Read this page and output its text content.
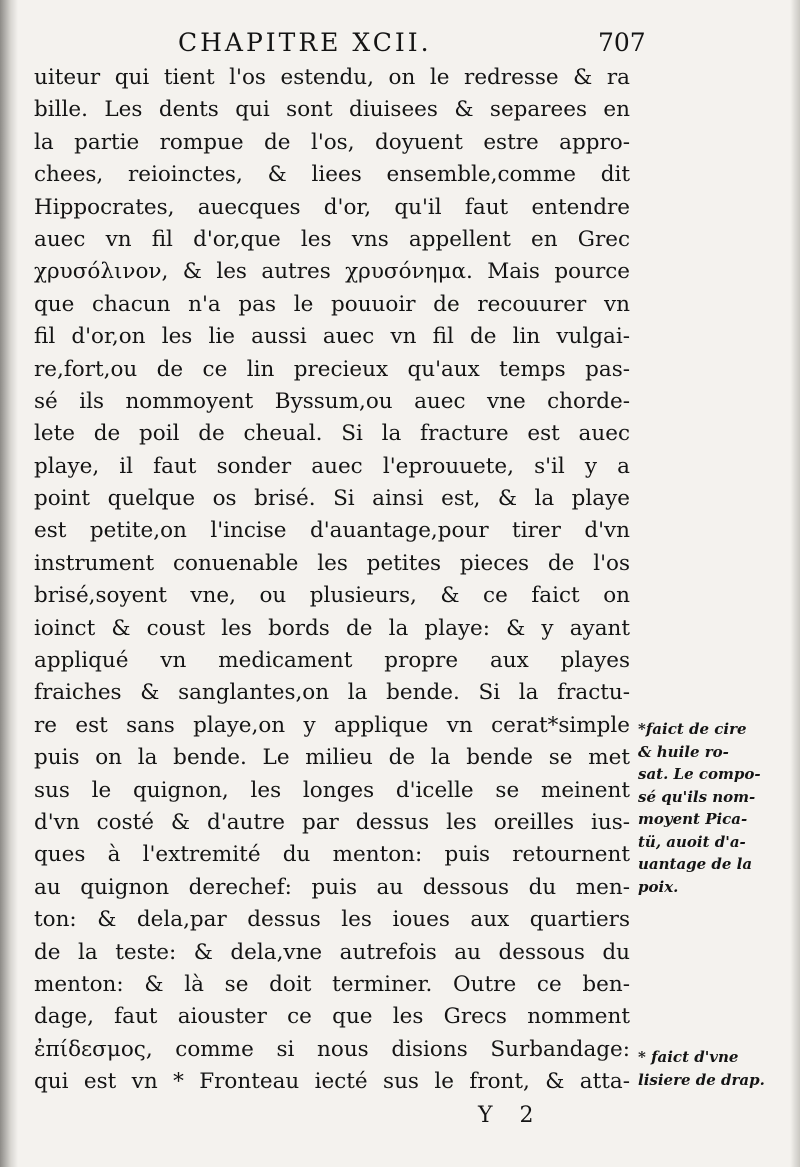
CHAPITRE XCII.	707
uiteur qui tient l'os estendu, on le redresse & ra
bille. Les dents qui sont diuisees & separees en
la partie rompue de l'os, doyuent estre appro-
chees, reioinctes, & liees ensemble,comme dit
Hippocrates, auecques d'or, qu'il faut entendre
auec vn fil d'or,que les vns appellent en Grec
χρυσόλινον, & les autres χρυσόνημα. Mais pource
que chacun n'a pas le pouuoir de recouurer vn
fil d'or,on les lie aussi auec vn fil de lin vulgai-
re,fort,ou de ce lin precieux qu'aux temps pas-
sé ils nommoyent Byssum,ou auec vne chorde-
lete de poil de cheual. Si la fracture est auec
playe, il faut sonder auec l'eprouuete, s'il y a
point quelque os brisé. Si ainsi est, & la playe
est petite,on l'incise d'auantage,pour tirer d'vn
instrument conuenable les petites pieces de l'os
brisé,soyent vne, ou plusieurs, & ce faict on
ioinct & coust les bords de la playe: & y ayant
appliqué vn medicament propre aux playes
fraiches & sanglantes,on la bende. Si la fractu-
re est sans playe,on y applique vn cerat*simple
puis on la bende. Le milieu de la bende se met
sus le quignon, les longes d'icelle se meinent
d'vn costé & d'autre par dessus les oreilles ius-
ques à l'extremité du menton: puis retournent
au quignon derechef: puis au dessous du men-
ton: & dela,par dessus les ioues aux quartiers
de la teste: & dela,vne autrefois au dessous du
menton: & là se doit terminer. Outre ce ben-
dage, faut aiouster ce que les Grecs nomment
ἐπίδεσμος, comme si nous disions Surbandage:
qui est vn * Fronteau iecté sus le front, & atta-
*faict de cire
& huile ro-
sat. Le compo-
sé qu'ils nom-
moyent Pica-
tü, auoit d'a-
uantage de la
poix.
* faict d'vne
lisiere de drap.
Y 2
